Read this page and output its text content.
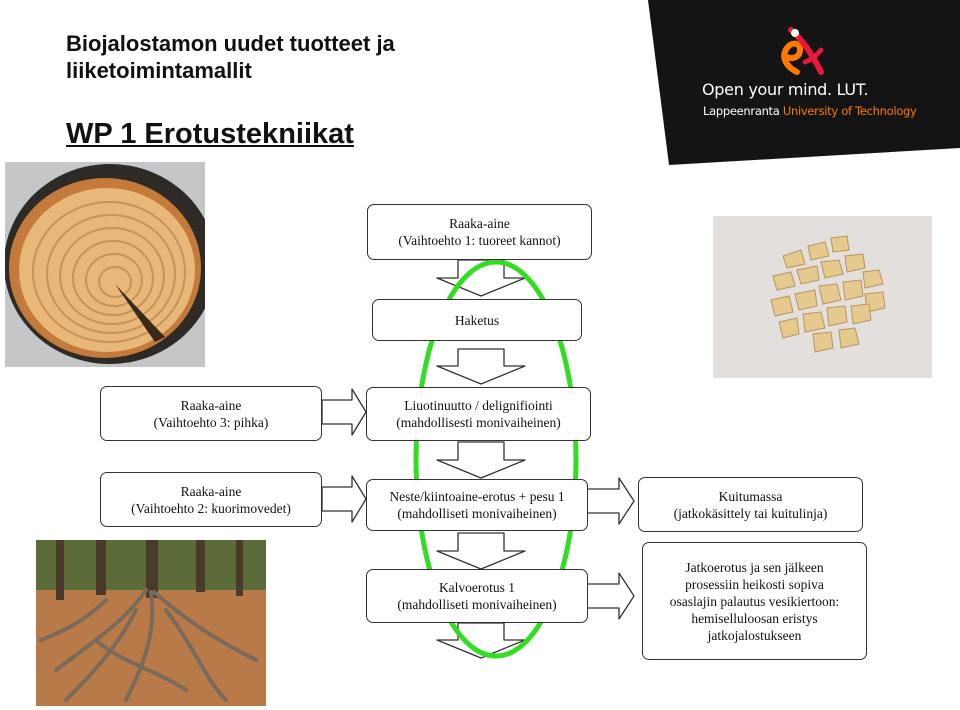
Biojalostamon uudet tuotteet ja liiketoimintamallit
WP 1 Erotustekniikat
Open your mind. LUT.
Lappeenranta University of Technology
Raaka-aine
(Vaihtoehto 1: tuoreet kannot)
Haketus
Liuotinuutto / delignifiointi
(mahdollisesti monivaiheinen)
Neste/kiintoaine-erotus + pesu 1
(mahdolliseti monivaiheinen)
Kalvoerotus 1
(mahdolliseti monivaiheinen)
Raaka-aine
(Vaihtoehto 3: pihka)
Raaka-aine
(Vaihtoehto 2: kuorimovedet)
Kuitumassa
(jatkokäsittely tai kuitulinja)
Jatkoerotus ja sen jälkeen
prosessiin heikosti sopiva
osaslajin palautus vesikiertoon:
hemiselluloosan eristys
jatkojalostukseen
